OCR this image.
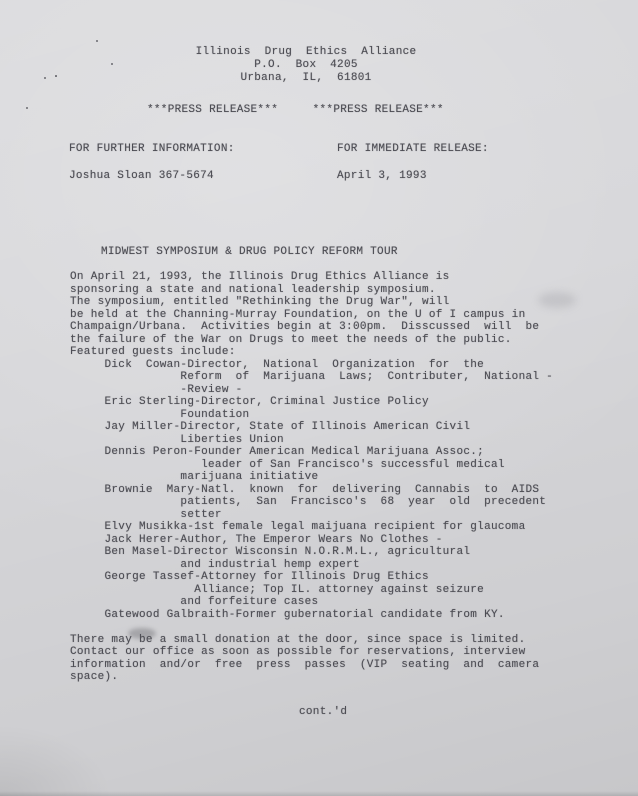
Illinois  Drug  Ethics  Alliance
P.O.  Box  4205
Urbana,  IL,  61801
***PRESS RELEASE***     ***PRESS RELEASE***
FOR FURTHER INFORMATION:
Joshua Sloan 367-5674
FOR IMMEDIATE RELEASE:
April 3, 1993
MIDWEST SYMPOSIUM & DRUG POLICY REFORM TOUR
On April 21, 1993, the Illinois Drug Ethics Alliance is
sponsoring a state and national leadership symposium.
The symposium, entitled "Rethinking the Drug War", will
be held at the Channing-Murray Foundation, on the U of I campus in
Champaign/Urbana.  Activities begin at 3:00pm.  Disscussed  will  be
the failure of the War on Drugs to meet the needs of the public.
Featured guests include:
Dick  Cowan-Director,  National  Organization  for  the
Reform  of  Marijuana  Laws;  Contributer,  National -
-Review -
Eric Sterling-Director, Criminal Justice Policy
Foundation
Jay Miller-Director, State of Illinois American Civil
Liberties Union
Dennis Peron-Founder American Medical Marijuana Assoc.;
leader of San Francisco's successful medical
marijuana initiative
Brownie  Mary-Natl.  known  for  delivering  Cannabis  to  AIDS
patients,  San  Francisco's  68  year  old  precedent
setter
Elvy Musikka-1st female legal maijuana recipient for glaucoma
Jack Herer-Author, The Emperor Wears No Clothes -
Ben Masel-Director Wisconsin N.O.R.M.L., agricultural
and industrial hemp expert
George Tassef-Attorney for Illinois Drug Ethics
Alliance; Top IL. attorney against seizure
and forfeiture cases
Gatewood Galbraith-Former gubernatorial candidate from KY.

There may be a small donation at the door, since space is limited.
Contact our office as soon as possible for reservations, interview
information  and/or  free  press  passes  (VIP  seating  and  camera
space).
cont.'d
